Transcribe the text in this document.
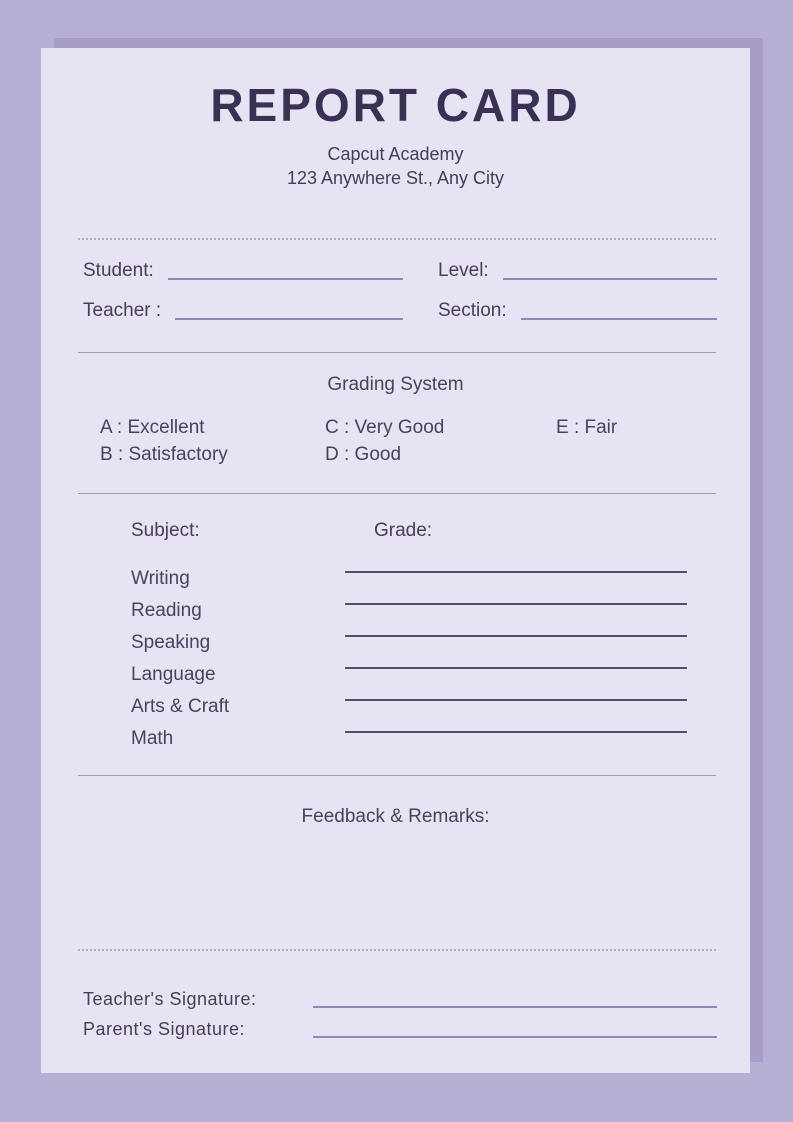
REPORT CARD
Capcut Academy
123 Anywhere St., Any City
Student:	Level:
Teacher :	Section:
Grading System
A : Excellent
B : Satisfactory
C : Very Good
D : Good
E : Fair
Subject:	Grade:
Writing
Reading
Speaking
Language
Arts & Craft
Math
Feedback & Remarks:
Teacher's Signature:
Parent's Signature:
